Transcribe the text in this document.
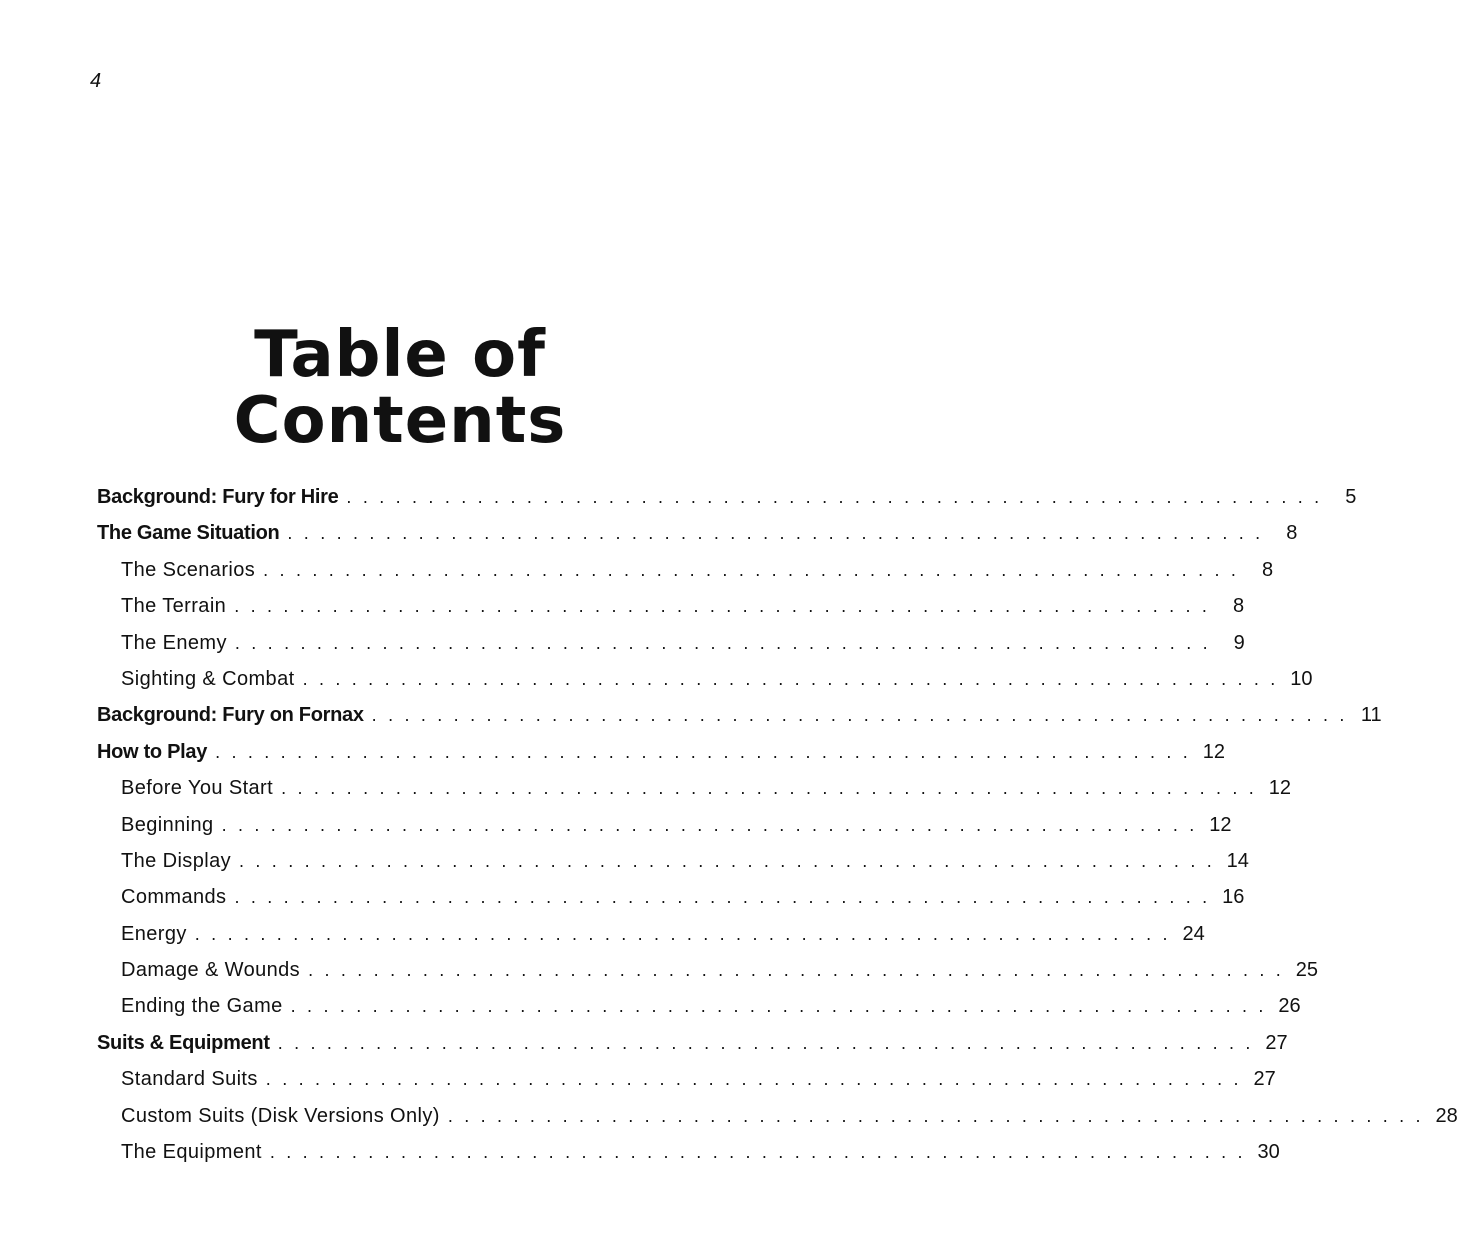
4
Table of
Contents
Background: Fury for Hire . . . . . . . . . . . . . . . . . . . . . . . . . . . . . . . . . . . . . . . . . . . . . . . . . . . . . . . . . . . .	5
The Game Situation . . . . . . . . . . . . . . . . . . . . . . . . . . . . . . . . . . . . . . . . . . . . . . . . . . . . . . . . . . . .	8
The Scenarios . . . . . . . . . . . . . . . . . . . . . . . . . . . . . . . . . . . . . . . . . . . . . . . . . . . . . . . . . . . .	8
The Terrain . . . . . . . . . . . . . . . . . . . . . . . . . . . . . . . . . . . . . . . . . . . . . . . . . . . . . . . . . . . .	8
The Enemy . . . . . . . . . . . . . . . . . . . . . . . . . . . . . . . . . . . . . . . . . . . . . . . . . . . . . . . . . . . .	9
Sighting & Combat . . . . . . . . . . . . . . . . . . . . . . . . . . . . . . . . . . . . . . . . . . . . . . . . . . . . . . . . . . . . 10
Background: Fury on Fornax . . . . . . . . . . . . . . . . . . . . . . . . . . . . . . . . . . . . . . . . . . . . . . . . . . . . . . . . . . . . 11
How to Play . . . . . . . . . . . . . . . . . . . . . . . . . . . . . . . . . . . . . . . . . . . . . . . . . . . . . . . . . . . . 12
Before You Start . . . . . . . . . . . . . . . . . . . . . . . . . . . . . . . . . . . . . . . . . . . . . . . . . . . . . . . . . . . . 12
Beginning . . . . . . . . . . . . . . . . . . . . . . . . . . . . . . . . . . . . . . . . . . . . . . . . . . . . . . . . . . . . 12
The Display . . . . . . . . . . . . . . . . . . . . . . . . . . . . . . . . . . . . . . . . . . . . . . . . . . . . . . . . . . . . 14
Commands . . . . . . . . . . . . . . . . . . . . . . . . . . . . . . . . . . . . . . . . . . . . . . . . . . . . . . . . . . . . 16
Energy . . . . . . . . . . . . . . . . . . . . . . . . . . . . . . . . . . . . . . . . . . . . . . . . . . . . . . . . . . . . 24
Damage & Wounds . . . . . . . . . . . . . . . . . . . . . . . . . . . . . . . . . . . . . . . . . . . . . . . . . . . . . . . . . . . . 25
Ending the Game . . . . . . . . . . . . . . . . . . . . . . . . . . . . . . . . . . . . . . . . . . . . . . . . . . . . . . . . . . . . 26
Suits & Equipment . . . . . . . . . . . . . . . . . . . . . . . . . . . . . . . . . . . . . . . . . . . . . . . . . . . . . . . . . . . . 27
Standard Suits . . . . . . . . . . . . . . . . . . . . . . . . . . . . . . . . . . . . . . . . . . . . . . . . . . . . . . . . . . . . 27
Custom Suits (Disk Versions Only) . . . . . . . . . . . . . . . . . . . . . . . . . . . . . . . . . . . . . . . . . . . . . . . . . . . . . . . . . . . . 28
The Equipment . . . . . . . . . . . . . . . . . . . . . . . . . . . . . . . . . . . . . . . . . . . . . . . . . . . . . . . . . . . . 30
